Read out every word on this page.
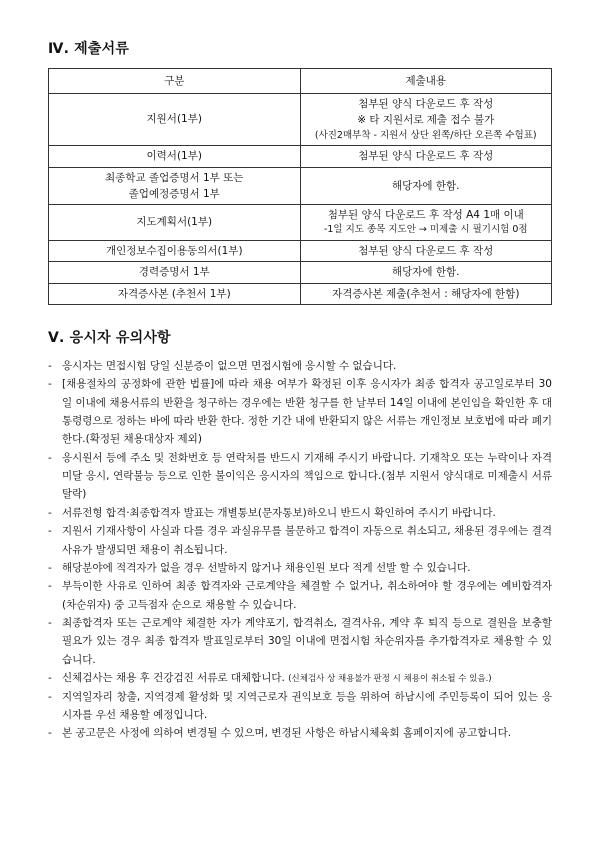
Ⅳ. 제출서류
구분	제출내용

지원서(1부)	첨부된 양식 다운로드 후 작성
※ 타 지원서로 제출 접수 불가
(사진2매부착 - 지원서 상단 왼쪽/하단 오른쪽 수험표)

이력서(1부)	첨부된 양식 다운로드 후 작성

최종학교 졸업증명서 1부 또는
졸업예정증명서 1부	해당자에 한함.

지도계획서(1부)	첨부된 양식 다운로드 후 작성 A4 1매 이내
-1일 지도 종목 지도안 → 미제출 시 필기시험 0점

개인정보수집이용동의서(1부)	첨부된 양식 다운로드 후 작성

경력증명서 1부	해당자에 한함.

자격증사본 (추천서 1부)	자격증사본 제출(추천서 : 해당자에 한함)
Ⅴ. 응시자 유의사항
- 응시자는 면접시험 당일 신분증이 없으면 면접시험에 응시할 수 없습니다.
- [채용절차의 공정화에 관한 법률]에 따라 채용 여부가 확정된 이후 응시자가 최종 합격자 공고일로부터 30일 이내에 채용서류의 반환을 청구하는 경우에는 반환 청구를 한 날부터 14일 이내에 본인임을 확인한 후 대통령령으로 정하는 바에 따라 반환 한다. 정한 기간 내에 반환되지 않은 서류는 개인정보 보호법에 따라 폐기한다.(확정된 채용대상자 제외)
- 응시원서 등에 주소 및 전화번호 등 연락처를 반드시 기재해 주시기 바랍니다. 기재착오 또는 누락이나 자격미달 응시, 연락불능 등으로 인한 불이익은 응시자의 책임으로 합니다.(첨부 지원서 양식대로 미제출시 서류탈락)
- 서류전형 합격·최종합격자 발표는 개별통보(문자통보)하오니 반드시 확인하여 주시기 바랍니다.
- 지원서 기재사항이 사실과 다를 경우 과실유무를 불문하고 합격이 자동으로 취소되고, 채용된 경우에는 결격사유가 발생되면 채용이 취소됩니다.
- 해당분야에 적격자가 없을 경우 선발하지 않거나 채용인원 보다 적게 선발 할 수 있습니다.
- 부득이한 사유로 인하여 최종 합격자와 근로계약을 체결할 수 없거나, 취소하여야 할 경우에는 예비합격자(차순위자) 중 고득점자 순으로 채용할 수 있습니다.
- 최종합격자 또는 근로계약 체결한 자가 계약포기, 합격취소, 결격사유, 계약 후 퇴직 등으로 결원을 보충할 필요가 있는 경우 최종 합격자 발표일로부터 30일 이내에 면접시험 차순위자를 추가합격자로 채용할 수 있습니다.
- 신체검사는 채용 후 건강검진 서류로 대체합니다. (신체검사 상 채용불가 판정 시 채용이 취소될 수 있음.)
- 지역일자리 창출, 지역경제 활성화 및 지역근로자 권익보호 등을 위하여 하남시에 주민등록이 되어 있는 응시자를 우선 채용할 예정입니다.
- 본 공고문은 사정에 의하여 변경될 수 있으며, 변경된 사항은 하남시체육회 홈페이지에 공고합니다.
